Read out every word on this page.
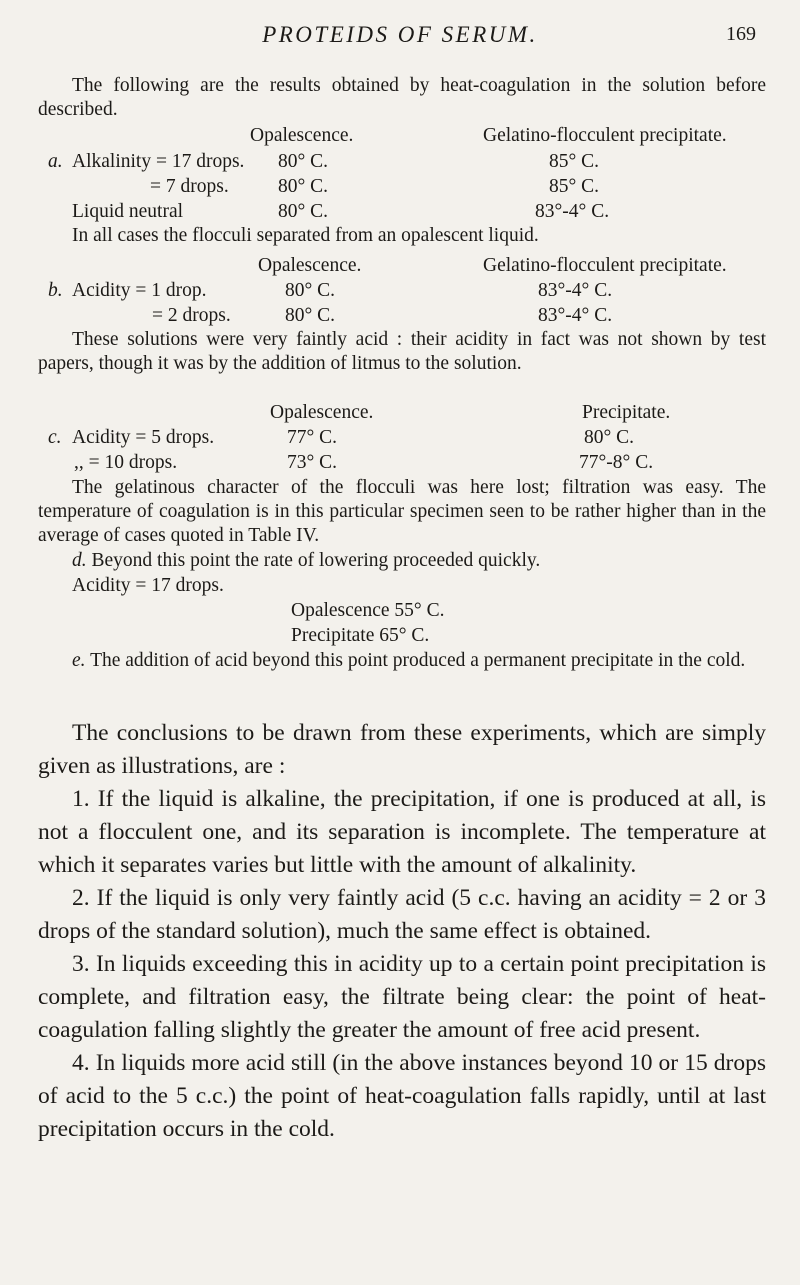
PROTEIDS OF SERUM.	169

The following are the results obtained by heat-coagulation in the solution before described.

Opalescence.	Gelatino-flocculent precipitate.
a. Alkalinity = 17 drops. 80° C.	85° C.
= 7 drops.	80° C.	85° C.
Liquid neutral	80° C.	83°-4° C.

In all cases the flocculi separated from an opalescent liquid.

Opalescence.	Gelatino-flocculent precipitate.
b. Acidity = 1 drop.	80° C.	83°-4° C.
= 2 drops.	80° C.	83°-4° C.

These solutions were very faintly acid : their acidity in fact was not shown by test papers, though it was by the addition of litmus to the solution.

Opalescence.	Precipitate.
c. Acidity = 5 drops.	77° C.	80° C.
,, = 10 drops.	73° C.	77°-8° C.

The gelatinous character of the flocculi was here lost; filtration was easy. The temperature of coagulation is in this particular specimen seen to be rather higher than in the average of cases quoted in Table IV.

d. Beyond this point the rate of lowering proceeded quickly.
Acidity = 17 drops.
Opalescence 55° C.
Precipitate 65° C.

e. The addition of acid beyond this point produced a permanent precipitate in the cold.

The conclusions to be drawn from these experiments, which are simply given as illustrations, are :

1. If the liquid is alkaline, the precipitation, if one is produced at all, is not a flocculent one, and its separation is incomplete. The temperature at which it separates varies but little with the amount of alkalinity.

2. If the liquid is only very faintly acid (5 c.c. having an acidity = 2 or 3 drops of the standard solution), much the same effect is obtained.

3. In liquids exceeding this in acidity up to a certain point precipitation is complete, and filtration easy, the filtrate being clear: the point of heat-coagulation falling slightly the greater the amount of free acid present.

4. In liquids more acid still (in the above instances beyond 10 or 15 drops of acid to the 5 c.c.) the point of heat-coagulation falls rapidly, until at last precipitation occurs in the cold.
